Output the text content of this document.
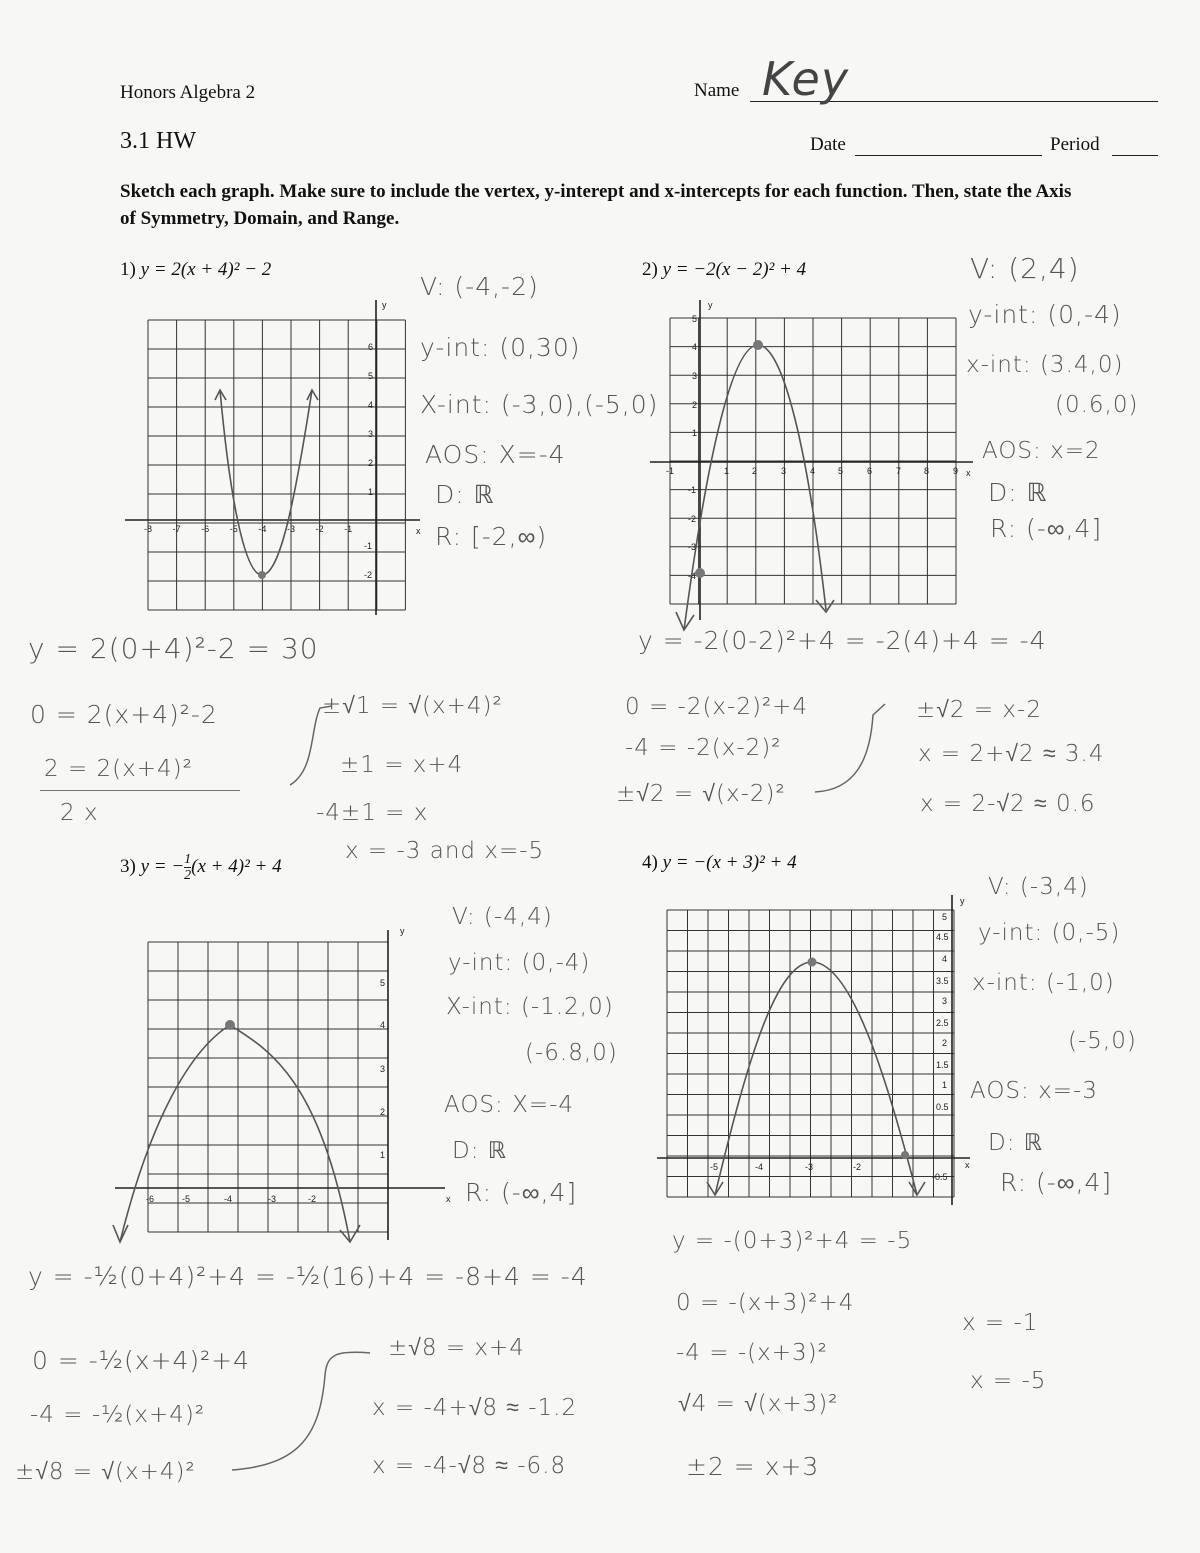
Honors Algebra 2	Name Key
3.1 HW	Date	Period
Sketch each graph. Make sure to include the vertex, y-interept and x-intercepts for each function. Then, state the Axis of Symmetry, Domain, and Range.
1) y = 2(x + 4)² − 2	2) y = −2(x − 2)² + 4
3) y = − $\frac{1}{2} (x + 4)^2 + 4$	4) y = −(x + 3)² + 4
y
x
-8 -7 -6 -5 -4 -3 -2 -1
6
5
4
3
2
1
-1
-2
y
x
-1	1	2	3	4	5	6	7	8	9
5
4
3
2
1
-1
-2
-3
-4
y
x
-6	-5	-4	-3	-2
5
4
3
2
1
y
x
-5	-4	-3	-2
5
4.5
4
3.5
3
2.5
2
1.5
1
0.5
-0.5
V: (-4,-2)
y-int: (0,30)
X-int: (-3,0),(-5,0)
AOS: X=-4
D: ℝ
R: [-2,∞)
y = 2(0+4)²-2 = 30
0 = 2(x+4)²-2
2 = 2(x+4)²
2 x
±√1 = √(x+4)²
±1 = x+4
-4±1 = x
x = -3 and x=-5
V: (2,4)
y-int: (0,-4)
x-int: (3.4,0)
(0.6,0)
AOS: x=2
D: ℝ
R: (-∞,4]
y = -2(0-2)²+4 = -2(4)+4 = -4
0 = -2(x-2)²+4
-4 = -2(x-2)²
±√2 = √(x-2)²
±√2 = x-2
x = 2+√2 ≈ 3.4
x = 2-√2 ≈ 0.6
V: (-4,4)
y-int: (0,-4)
X-int: (-1.2,0)
(-6.8,0)
AOS: X=-4
D: ℝ
R: (-∞,4]
y = -½(0+4)²+4 = -½(16)+4 = -8+4 = -4
0 = -½(x+4)²+4
-4 = -½(x+4)²
±√8 = √(x+4)²
±√8 = x+4
x = -4+√8 ≈ -1.2
x = -4-√8 ≈ -6.8
V: (-3,4)
y-int: (0,-5)
x-int: (-1,0)
(-5,0)
AOS: x=-3
D: ℝ
R: (-∞,4]
y = -(0+3)²+4 = -5
0 = -(x+3)²+4
-4 = -(x+3)²
√4 = √(x+3)²
±2 = x+3
x = -1
x = -5
